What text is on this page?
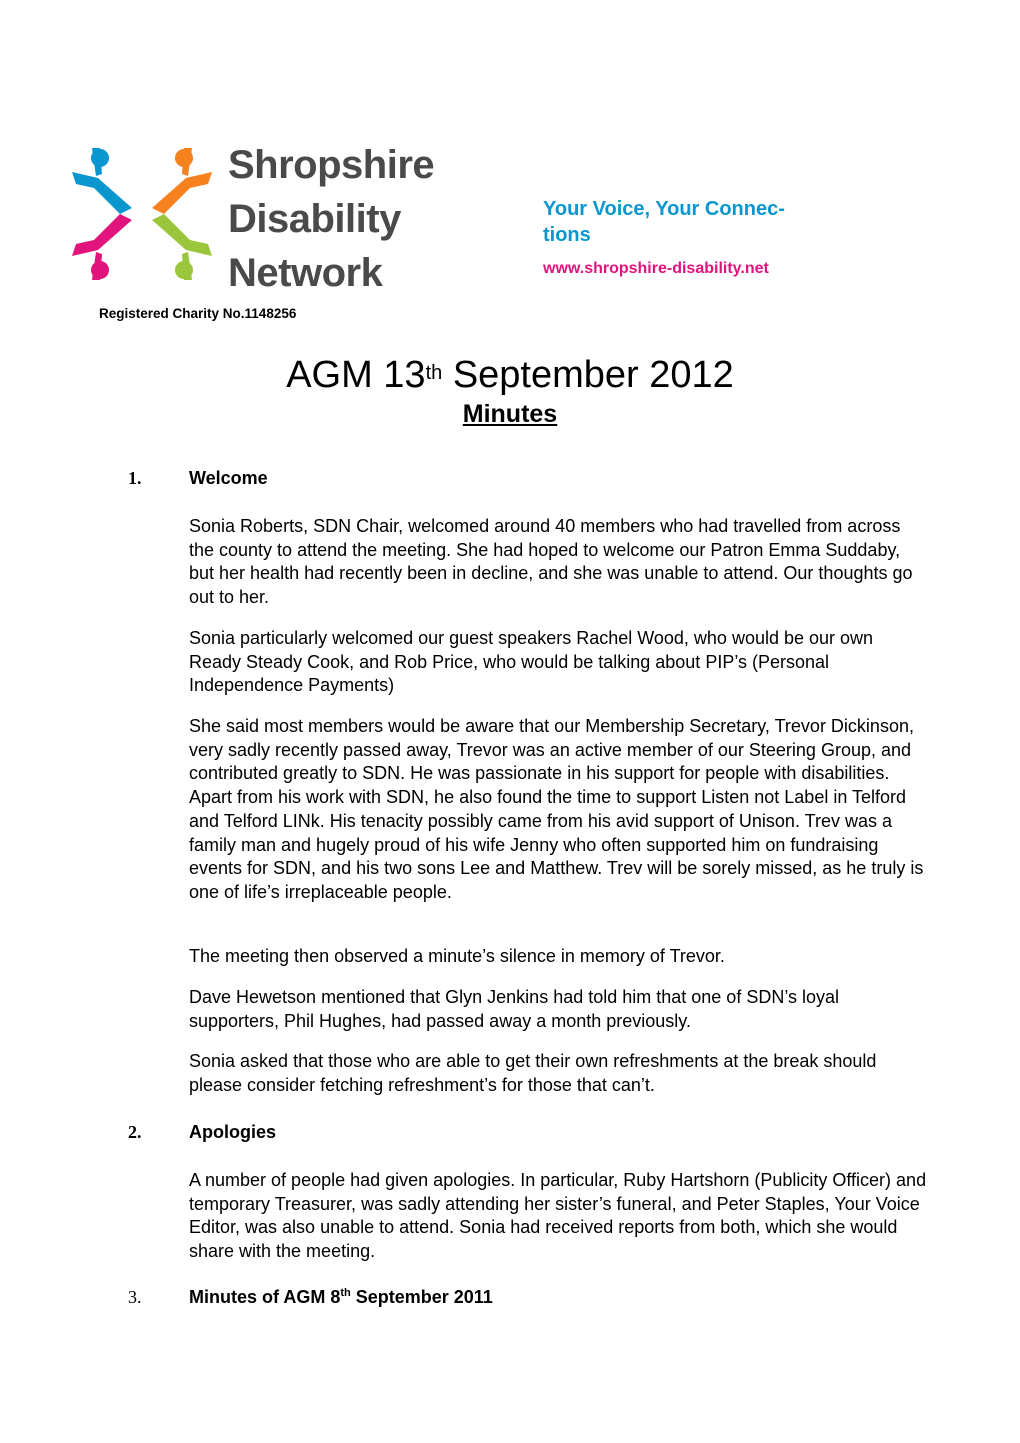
Shropshire
Disability
Network
Your Voice, Your Connec-
tions
www.shropshire-disability.net
Registered Charity No.1148256
AGM 13th September 2012
Minutes
1.	Welcome
Sonia Roberts, SDN Chair, welcomed around 40 members who had travelled from across the county to attend the meeting. She had hoped to welcome our Patron Emma Suddaby, but her health had recently been in decline, and she was unable to attend. Our thoughts go out to her.
Sonia particularly welcomed our guest speakers Rachel Wood, who would be our own Ready Steady Cook, and Rob Price, who would be talking about PIP’s (Personal Independence Payments)
She said most members would be aware that our Membership Secretary, Trevor Dickinson, very sadly recently passed away, Trevor was an active member of our Steering Group, and contributed greatly to SDN. He was passionate in his support for people with disabilities. Apart from his work with SDN, he also found the time to support Listen not Label in Telford and Telford LINk. His tenacity possibly came from his avid support of Unison. Trev was a family man and hugely proud of his wife Jenny who often supported him on fundraising events for SDN, and his two sons Lee and Matthew. Trev will be sorely missed, as he truly is one of life’s irreplaceable people.
The meeting then observed a minute’s silence in memory of Trevor.
Dave Hewetson mentioned that Glyn Jenkins had told him that one of SDN’s loyal supporters, Phil Hughes, had passed away a month previously.
Sonia asked that those who are able to get their own refreshments at the break should please consider fetching refreshment’s for those that can’t.
2.	Apologies
A number of people had given apologies. In particular, Ruby Hartshorn (Publicity Officer) and temporary Treasurer, was sadly attending her sister’s funeral, and Peter Staples, Your Voice Editor, was also unable to attend. Sonia had received reports from both, which she would share with the meeting.
3.	Minutes of AGM 8th September 2011
